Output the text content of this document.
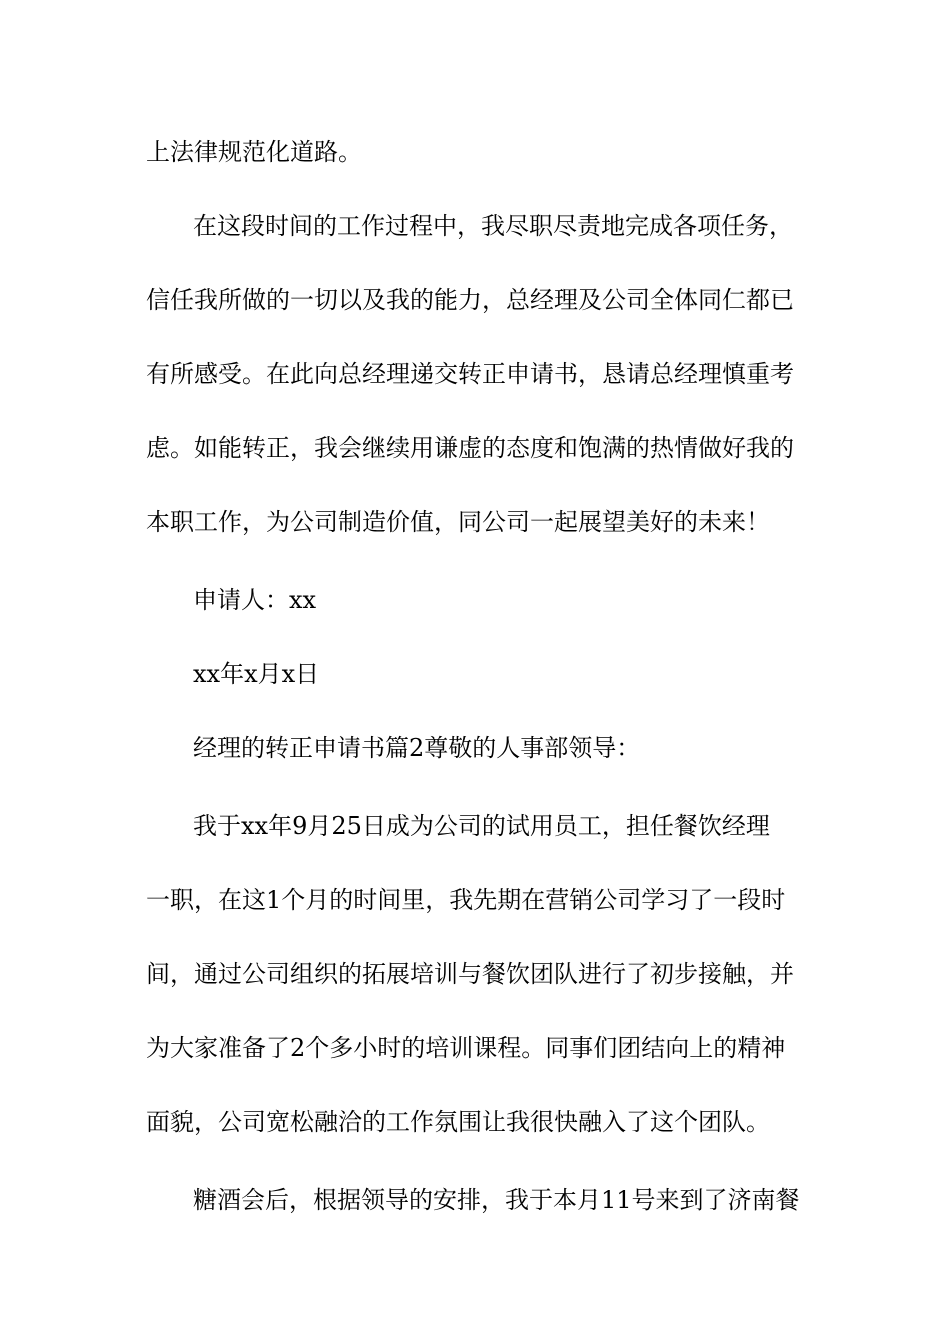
上法律规范化道路。
在这段时间的工作过程中，我尽职尽责地完成各项任务，
信任我所做的一切以及我的能力，总经理及公司全体同仁都已
有所感受。在此向总经理递交转正申请书，恳请总经理慎重考
虑。如能转正，我会继续用谦虚的态度和饱满的热情做好我的
本职工作，为公司制造价值，同公司一起展望美好的未来！
申请人：xx
xx年x月x日
经理的转正申请书篇2尊敬的人事部领导：
我于xx年9月25日成为公司的试用员工，担任餐饮经理
一职，在这1个月的时间里，我先期在营销公司学习了一段时
间，通过公司组织的拓展培训与餐饮团队进行了初步接触，并
为大家准备了2个多小时的培训课程。同事们团结向上的精神
面貌，公司宽松融洽的工作氛围让我很快融入了这个团队。
糖酒会后，根据领导的安排，我于本月11号来到了济南餐
